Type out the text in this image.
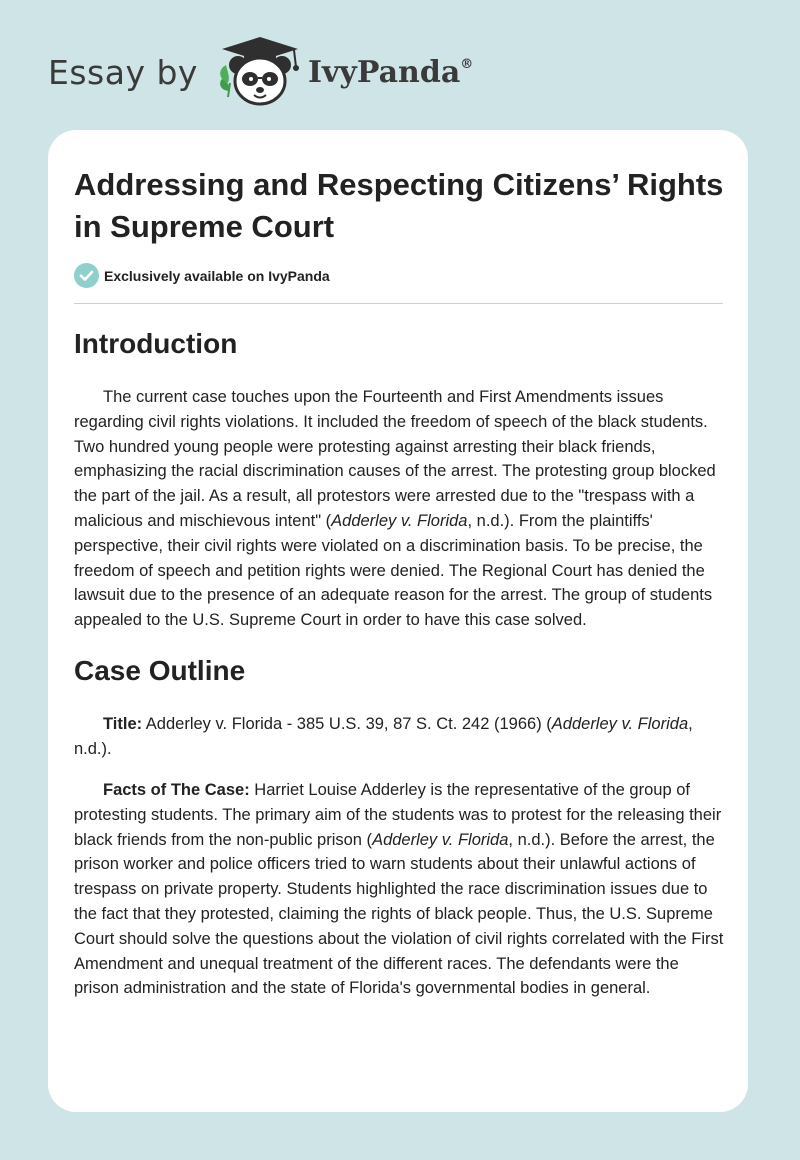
Essay by	IvyPanda®
Addressing and Respecting Citizens’ Rights in Supreme Court
Exclusively available on IvyPanda
Introduction

The current case touches upon the Fourteenth and First Amendments issues regarding civil rights violations. It included the freedom of speech of the black students. Two hundred young people were protesting against arresting their black friends, emphasizing the racial discrimination causes of the arrest. The protesting group blocked the part of the jail. As a result, all protestors were arrested due to the "trespass with a malicious and mischievous intent" (Adderley v. Florida, n.d.). From the plaintiffs' perspective, their civil rights were violated on a discrimination basis. To be precise, the freedom of speech and petition rights were denied. The Regional Court has denied the lawsuit due to the presence of an adequate reason for the arrest. The group of students appealed to the U.S. Supreme Court in order to have this case solved.

Case Outline

Title: Adderley v. Florida - 385 U.S. 39, 87 S. Ct. 242 (1966) (Adderley v. Florida, n.d.).

Facts of The Case: Harriet Louise Adderley is the representative of the group of protesting students. The primary aim of the students was to protest for the releasing their black friends from the non-public prison (Adderley v. Florida, n.d.). Before the arrest, the prison worker and police officers tried to warn students about their unlawful actions of trespass on private property. Students highlighted the race discrimination issues due to the fact that they protested, claiming the rights of black people. Thus, the U.S. Supreme Court should solve the questions about the violation of civil rights correlated with the First Amendment and unequal treatment of the different races. The defendants were the prison administration and the state of Florida's governmental bodies in general.
